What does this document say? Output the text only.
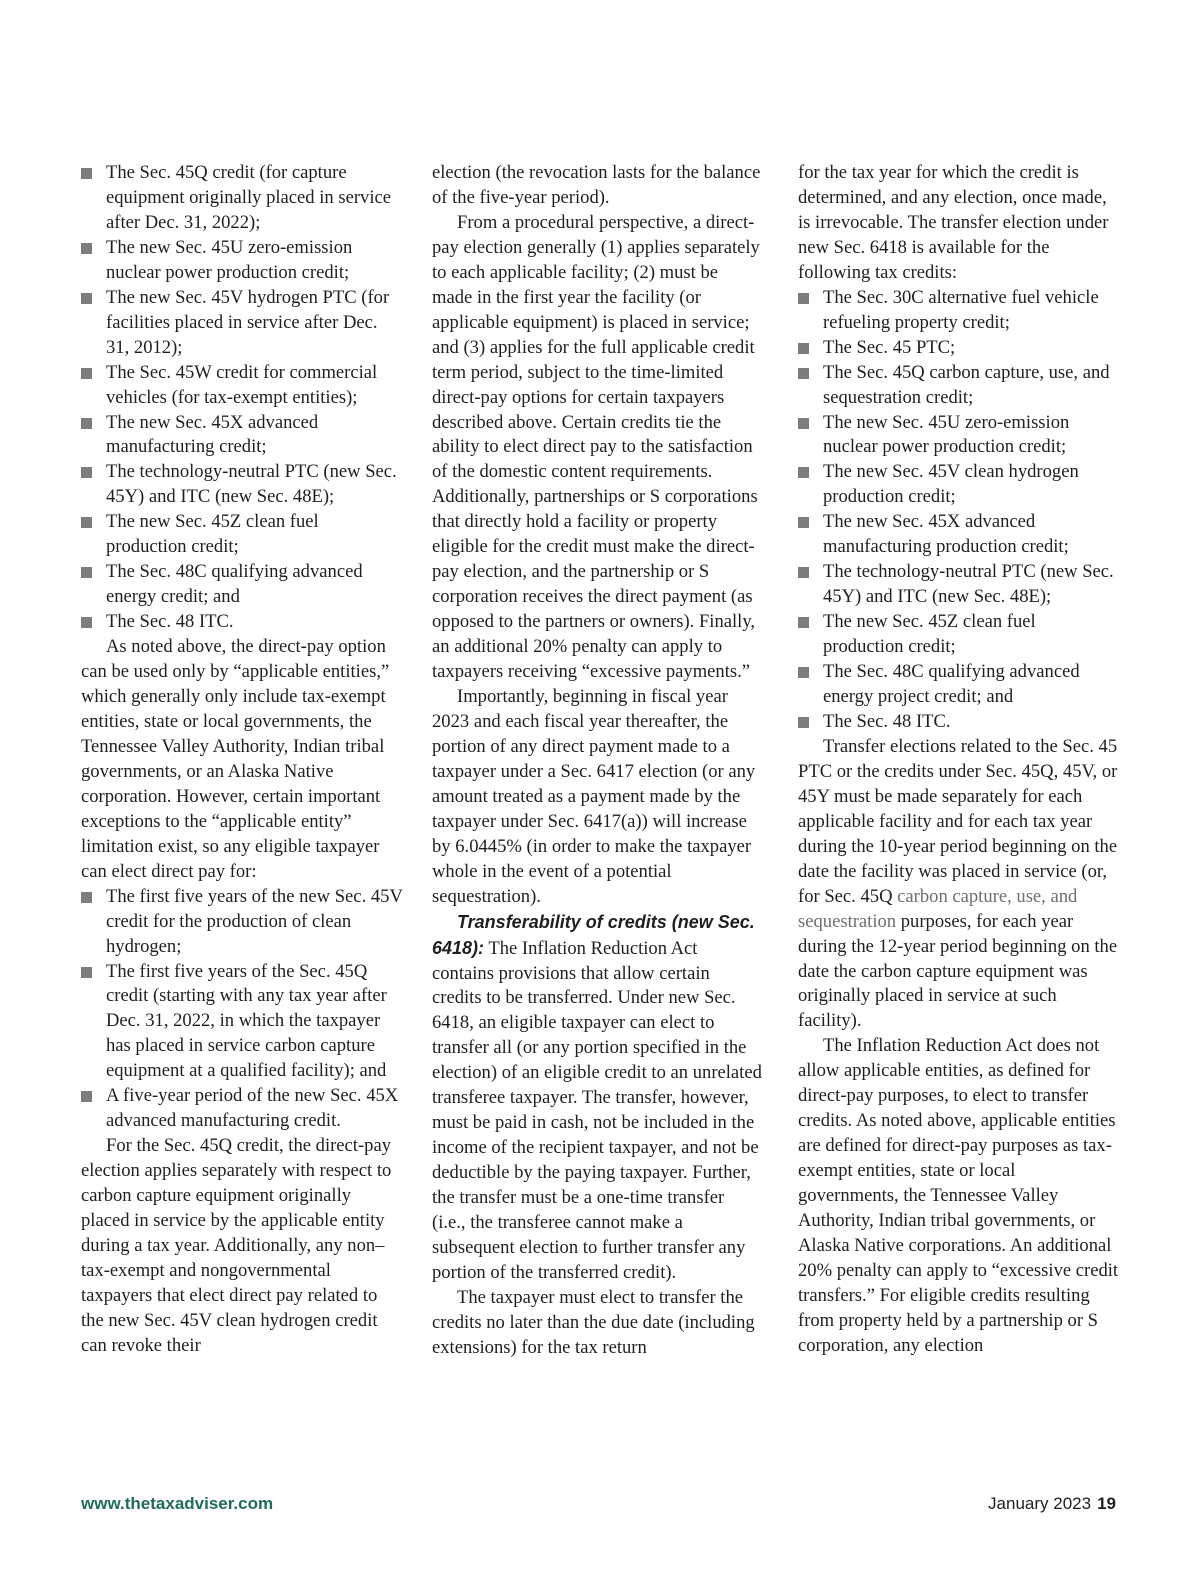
The Sec. 45Q credit (for capture equipment originally placed in service after Dec. 31, 2022);
The new Sec. 45U zero-emission nuclear power production credit;
The new Sec. 45V hydrogen PTC (for facilities placed in service after Dec. 31, 2012);
The Sec. 45W credit for commercial vehicles (for tax-exempt entities);
The new Sec. 45X advanced manufacturing credit;
The technology-neutral PTC (new Sec. 45Y) and ITC (new Sec. 48E);
The new Sec. 45Z clean fuel production credit;
The Sec. 48C qualifying advanced energy credit; and
The Sec. 48 ITC.

As noted above, the direct-pay option can be used only by “applicable entities,” which generally only include tax-exempt entities, state or local governments, the Tennessee Valley Authority, Indian tribal governments, or an Alaska Native corporation. However, certain important exceptions to the “applicable entity” limitation exist, so any eligible taxpayer can elect direct pay for:

The first five years of the new Sec. 45V credit for the production of clean hydrogen;
The first five years of the Sec. 45Q credit (starting with any tax year after Dec. 31, 2022, in which the taxpayer has placed in service carbon capture equipment at a qualified facility); and
A five-year period of the new Sec. 45X advanced manufacturing credit.

For the Sec. 45Q credit, the direct-pay election applies separately with respect to carbon capture equipment originally placed in service by the applicable entity during a tax year. Additionally, any non–tax-exempt and nongovernmental taxpayers that elect direct pay related to the new Sec. 45V clean hydrogen credit can revoke their

election (the revocation lasts for the balance of the five-year period).

From a procedural perspective, a direct-pay election generally (1) applies separately to each applicable facility; (2) must be made in the first year the facility (or applicable equipment) is placed in service; and (3) applies for the full applicable credit term period, subject to the time-limited direct-pay options for certain taxpayers described above. Certain credits tie the ability to elect direct pay to the satisfaction of the domestic content requirements. Additionally, partnerships or S corporations that directly hold a facility or property eligible for the credit must make the direct-pay election, and the partnership or S corporation receives the direct payment (as opposed to the partners or owners). Finally, an additional 20% penalty can apply to taxpayers receiving “excessive payments.”

Importantly, beginning in fiscal year 2023 and each fiscal year thereafter, the portion of any direct payment made to a taxpayer under a Sec. 6417 election (or any amount treated as a payment made by the taxpayer under Sec. 6417(a)) will increase by 6.0445% (in order to make the taxpayer whole in the event of a potential sequestration).

Transferability of credits (new Sec. 6418): The Inflation Reduction Act contains provisions that allow certain credits to be transferred. Under new Sec. 6418, an eligible taxpayer can elect to transfer all (or any portion specified in the election) of an eligible credit to an unrelated transferee taxpayer. The transfer, however, must be paid in cash, not be included in the income of the recipient taxpayer, and not be deductible by the paying taxpayer. Further, the transfer must be a one-time transfer (i.e., the transferee cannot make a subsequent election to further transfer any portion of the transferred credit).

The taxpayer must elect to transfer the credits no later than the due date (including extensions) for the tax return

for the tax year for which the credit is determined, and any election, once made, is irrevocable. The transfer election under new Sec. 6418 is available for the following tax credits:

The Sec. 30C alternative fuel vehicle refueling property credit;
The Sec. 45 PTC;
The Sec. 45Q carbon capture, use, and sequestration credit;
The new Sec. 45U zero-emission nuclear power production credit;
The new Sec. 45V clean hydrogen production credit;
The new Sec. 45X advanced manufacturing production credit;
The technology-neutral PTC (new Sec. 45Y) and ITC (new Sec. 48E);
The new Sec. 45Z clean fuel production credit;
The Sec. 48C qualifying advanced energy project credit; and
The Sec. 48 ITC.

Transfer elections related to the Sec. 45 PTC or the credits under Sec. 45Q, 45V, or 45Y must be made separately for each applicable facility and for each tax year during the 10-year period beginning on the date the facility was placed in service (or, for Sec. 45Q carbon capture, use, and sequestration purposes, for each year during the 12-year period beginning on the date the carbon capture equipment was originally placed in service at such facility).

The Inflation Reduction Act does not allow applicable entities, as defined for direct-pay purposes, to elect to transfer credits. As noted above, applicable entities are defined for direct-pay purposes as tax-exempt entities, state or local governments, the Tennessee Valley Authority, Indian tribal governments, or Alaska Native corporations. An additional 20% penalty can apply to “excessive credit transfers.” For eligible credits resulting from property held by a partnership or S corporation, any election

www.thetaxadviser.com	January 2023 19
